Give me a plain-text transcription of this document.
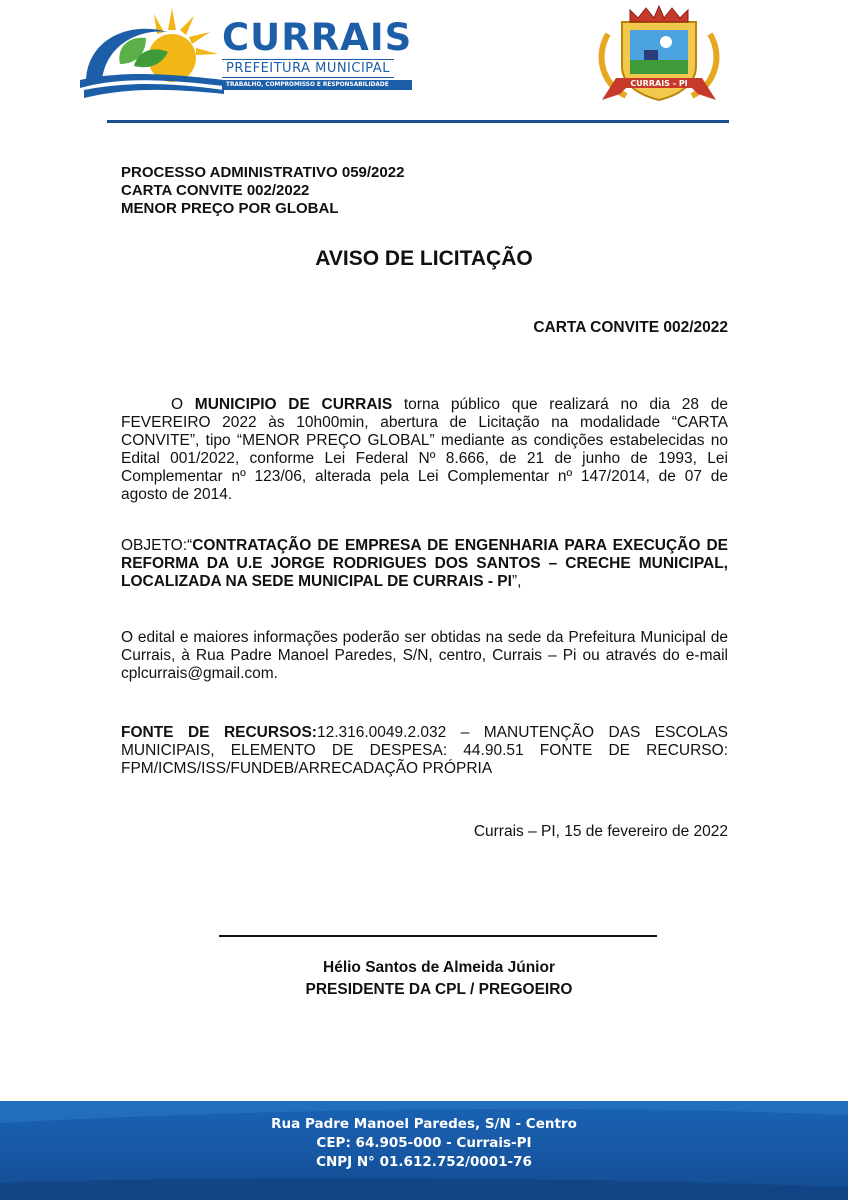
CURRAIS
PREFEITURA MUNICIPAL
TRABALHO, COMPROMISSO E RESPONSABILIDADE	CURRAIS - PI
PROCESSO ADMINISTRATIVO 059/2022
CARTA CONVITE 002/2022
MENOR PREÇO POR GLOBAL
AVISO DE LICITAÇÃO
CARTA CONVITE 002/2022
O MUNICIPIO DE CURRAIS torna público que realizará no dia 28 de FEVEREIRO 2022 às 10h00min, abertura de Licitação na modalidade “CARTA CONVITE”, tipo “MENOR PREÇO GLOBAL” mediante as condições estabelecidas no Edital 001/2022, conforme Lei Federal Nº 8.666, de 21 de junho de 1993, Lei Complementar nº 123/06, alterada pela Lei Complementar nº 147/2014, de 07 de agosto de 2014.
OBJETO:“CONTRATAÇÃO DE EMPRESA DE ENGENHARIA PARA EXECUÇÃO DE REFORMA DA U.E JORGE RODRIGUES DOS SANTOS – CRECHE MUNICIPAL, LOCALIZADA NA SEDE MUNICIPAL DE CURRAIS - PI”,
O edital e maiores informações poderão ser obtidas na sede da Prefeitura Municipal de Currais, à Rua Padre Manoel Paredes, S/N, centro, Currais – Pi ou através do e-mail cplcurrais@gmail.com.
FONTE DE RECURSOS:12.316.0049.2.032 – MANUTENÇÃO DAS ESCOLAS MUNICIPAIS, ELEMENTO DE DESPESA: 44.90.51 FONTE DE RECURSO: FPM/ICMS/ISS/FUNDEB/ARRECADAÇÃO PRÓPRIA
Currais – PI, 15 de fevereiro de 2022
Hélio Santos de Almeida Júnior
PRESIDENTE DA CPL / PREGOEIRO
Rua Padre Manoel Paredes, S/N - Centro
CEP: 64.905-000 - Currais-PI
CNPJ N° 01.612.752/0001-76
